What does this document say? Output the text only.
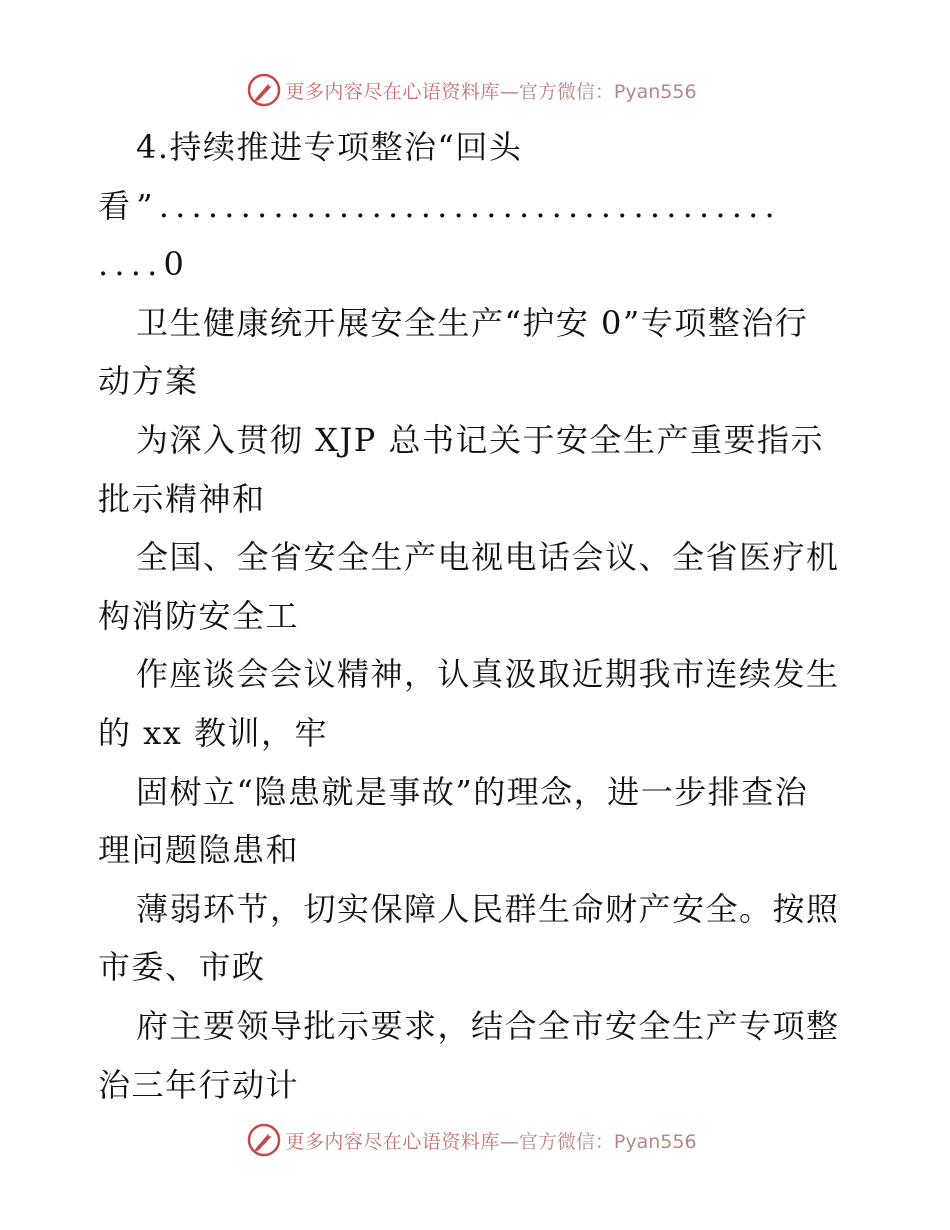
更多内容尽在心语资料库 —官方微信：Pyan556
4.持续推进专项整治“回头
看”......................................
....0
卫生健康统开展安全生产“护安 0”专项整治行
动方案
为深入贯彻 XJP 总书记关于安全生产重要指示
批示精神和
全国、全省安全生产电视电话会议、全省医疗机
构消防安全工
作座谈会会议精神，认真汲取近期我市连续发生
的 xx 教训，牢
固树立“隐患就是事故”的理念，进一步排查治
理问题隐患和
薄弱环节，切实保障人民群生命财产安全。按照
市委、市政
府主要领导批示要求，结合全市安全生产专项整
治三年行动计
更多内容尽在心语资料库 —官方微信：Pyan556
